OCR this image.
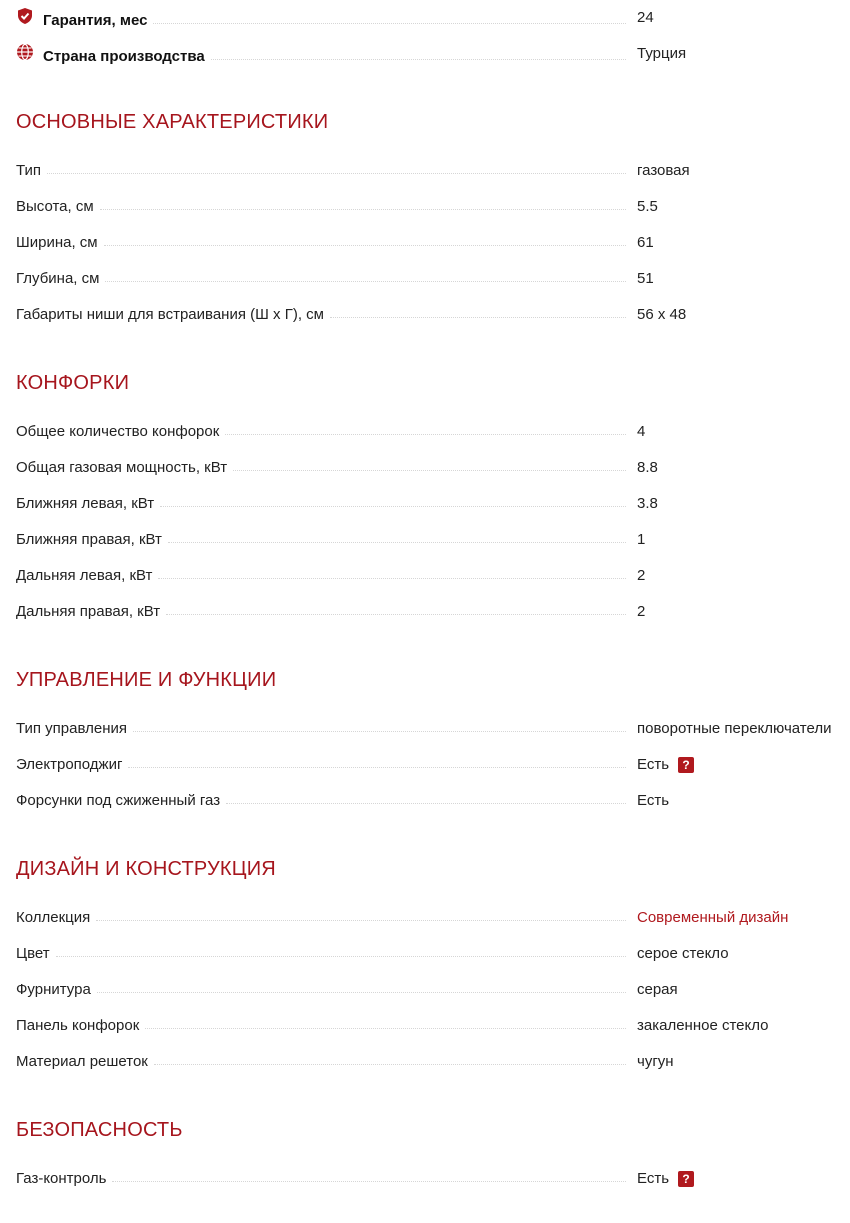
Гарантия, мес	24
Страна производства	Турция
ОСНОВНЫЕ ХАРАКТЕРИСТИКИ
Тип	газовая
Высота, см	5.5
Ширина, см	61
Глубина, см	51
Габариты ниши для встраивания (Ш x Г), см	56 x 48
КОНФОРКИ
Общее количество конфорок	4
Общая газовая мощность, кВт	8.8
Ближняя левая, кВт	3.8
Ближняя правая, кВт	1
Дальняя левая, кВт	2
Дальняя правая, кВт	2
УПРАВЛЕНИЕ И ФУНКЦИИ
Тип управления	поворотные переключатели
Электроподжиг	Есть	?
Форсунки под сжиженный газ	Есть
ДИЗАЙН И КОНСТРУКЦИЯ
Коллекция	Современный дизайн
Цвет	серое стекло
Фурнитура	серая
Панель конфорок	закаленное стекло
Материал решеток	чугун
БЕЗОПАСНОСТЬ
Газ-контроль	Есть	?
